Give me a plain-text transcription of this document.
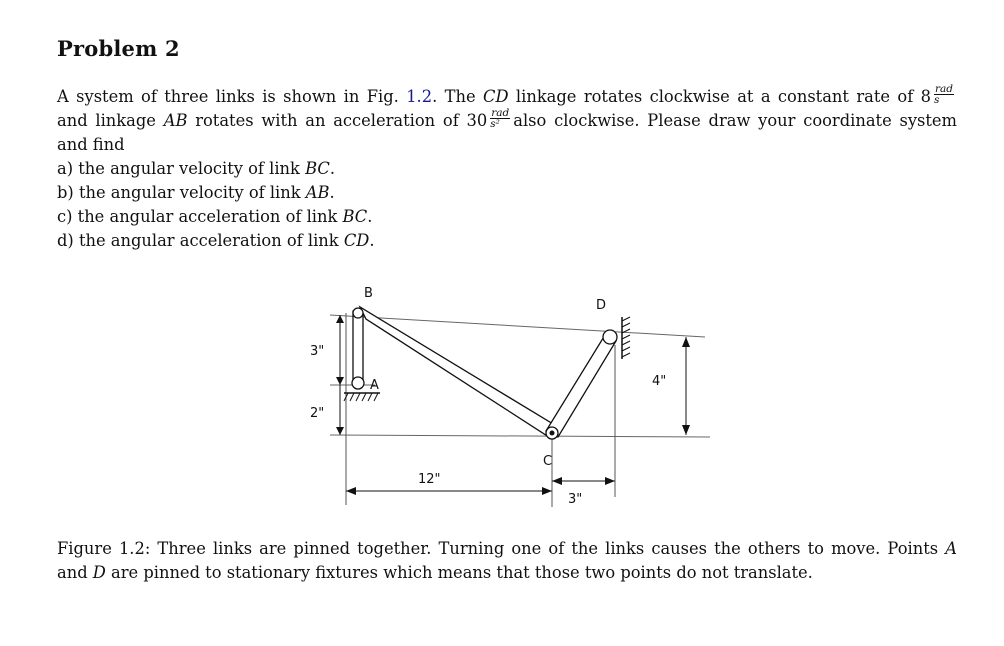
Problem 2
A system of three links is shown in Fig. 1.2. The CD linkage rotates clockwise at a constant rate of $8 \frac{\text{rad}}{s}$
and linkage AB rotates with an acceleration of $30 \frac{\text{rad}}{\text{s²}}$ also clockwise. Please draw your coordinate system
and find
a) the angular velocity of link BC.
b) the angular velocity of link AB.
c) the angular acceleration of link BC.
d) the angular acceleration of link CD.
B
A
C
D
3"
2"
12"
3"
4"
Figure 1.2: Three links are pinned together. Turning one of the links causes the others to move. Points A
and D are pinned to stationary fixtures which means that those two points do not translate.
